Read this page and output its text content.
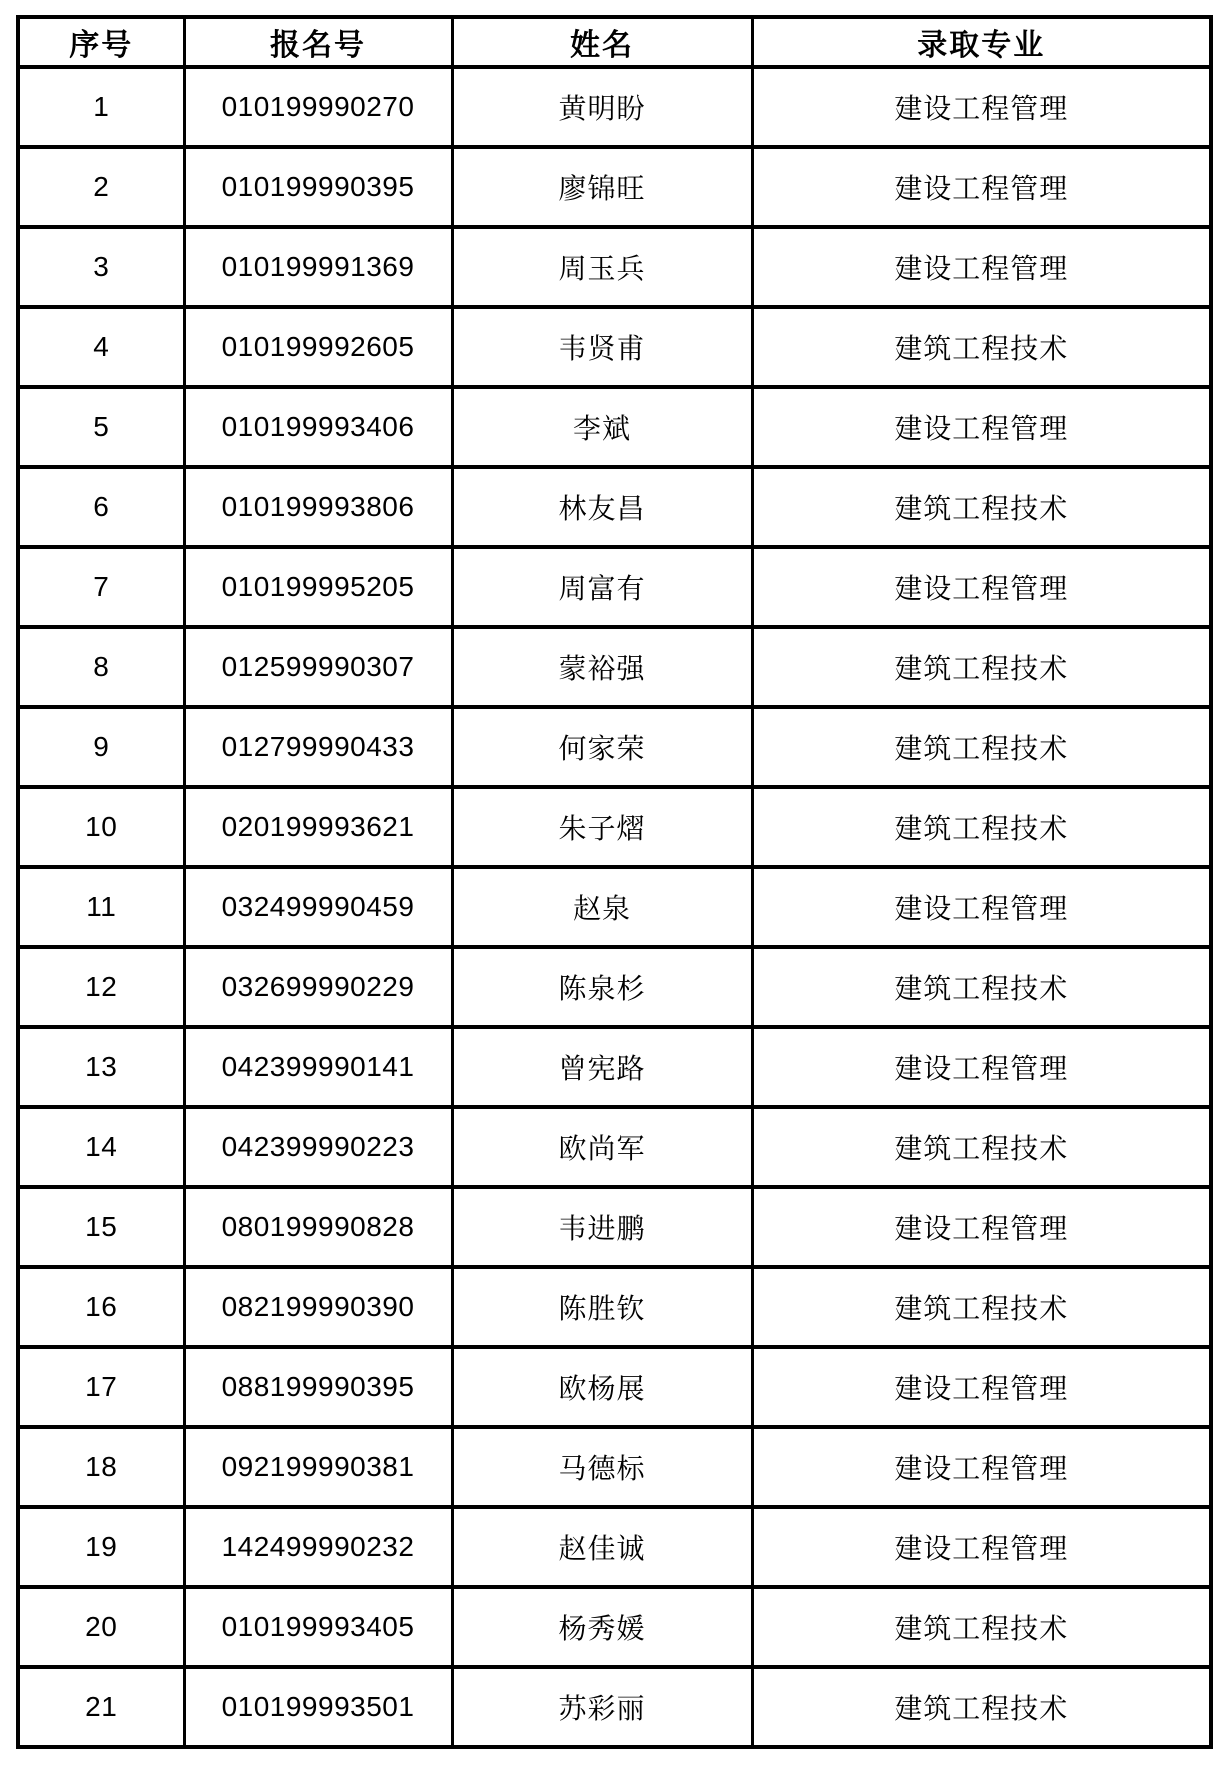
序号	报名号	姓名	录取专业
1	010199990270	黄明盼	建设工程管理
2	010199990395	廖锦旺	建设工程管理
3	010199991369	周玉兵	建设工程管理
4	010199992605	韦贤甫	建筑工程技术
5	010199993406	李斌	建设工程管理
6	010199993806	林友昌	建筑工程技术
7	010199995205	周富有	建设工程管理
8	012599990307	蒙裕强	建筑工程技术
9	012799990433	何家荣	建筑工程技术
10	020199993621	朱子熠	建筑工程技术
11	032499990459	赵泉	建设工程管理
12	032699990229	陈泉杉	建筑工程技术
13	042399990141	曾宪路	建设工程管理
14	042399990223	欧尚军	建筑工程技术
15	080199990828	韦进鹏	建设工程管理
16	082199990390	陈胜钦	建筑工程技术
17	088199990395	欧杨展	建设工程管理
18	092199990381	马德标	建设工程管理
19	142499990232	赵佳诚	建设工程管理
20	010199993405	杨秀媛	建筑工程技术
21	010199993501	苏彩丽	建筑工程技术
